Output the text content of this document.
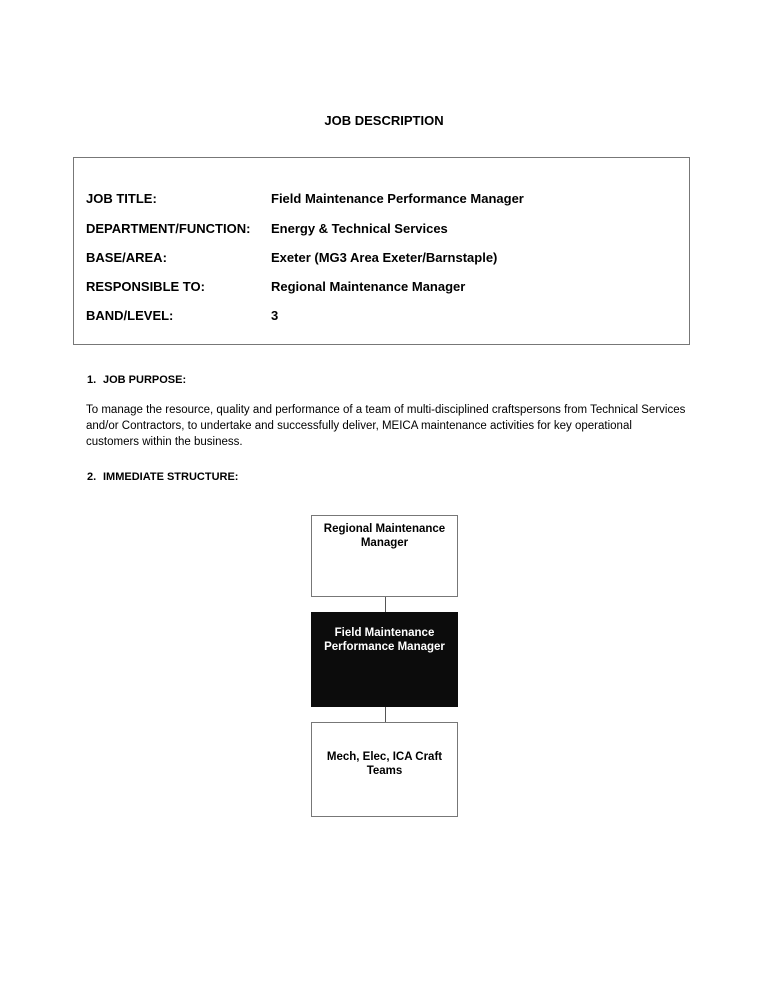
JOB DESCRIPTION
JOB TITLE:	Field Maintenance Performance Manager
DEPARTMENT/FUNCTION: Energy & Technical Services
BASE/AREA:	Exeter (MG3 Area Exeter/Barnstaple)
RESPONSIBLE TO:	Regional Maintenance Manager
BAND/LEVEL:	3
1. JOB PURPOSE:
To manage the resource, quality and performance of a team of multi-disciplined craftspersons from Technical Services and/or Contractors, to undertake and successfully deliver, MEICA maintenance activities for key operational customers within the business.
2. IMMEDIATE STRUCTURE:
Regional Maintenance Manager
Field Maintenance Performance Manager
Mech, Elec, ICA Craft Teams
